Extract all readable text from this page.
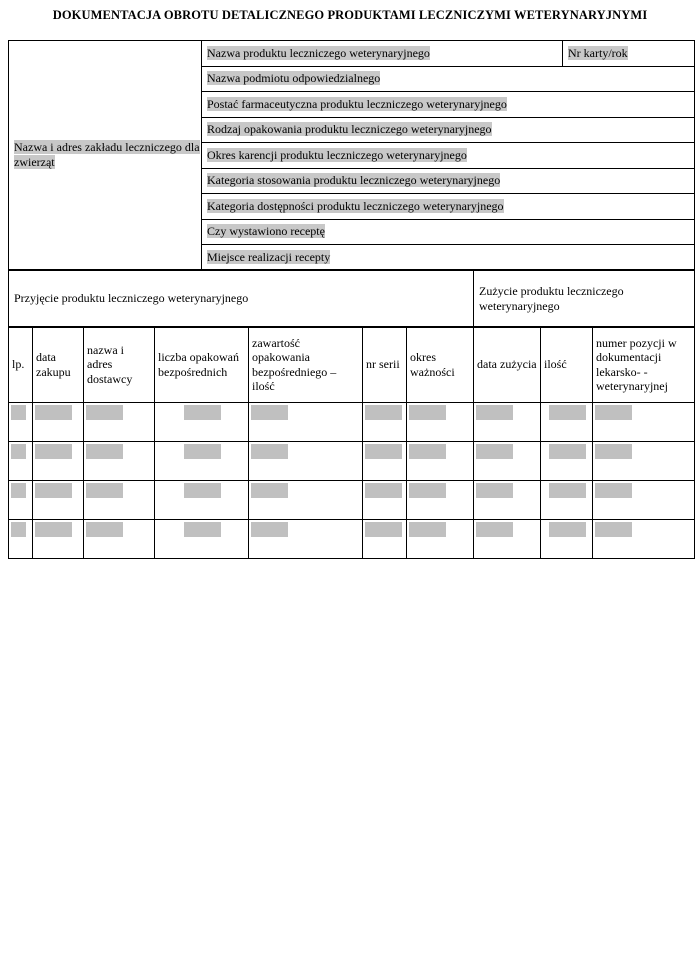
DOKUMENTACJA OBROTU DETALICZNEGO PRODUKTAMI LECZNICZYMI WETERYNARYJNYMI
Nazwa i adres zakładu leczniczego dla zwierząt	Nazwa produktu leczniczego weterynaryjnego	Nr karty/rok
Nazwa podmiotu odpowiedzialnego
Postać farmaceutyczna produktu leczniczego weterynaryjnego
Rodzaj opakowania produktu leczniczego weterynaryjnego
Okres karencji produktu leczniczego weterynaryjnego
Kategoria stosowania produktu leczniczego weterynaryjnego
Kategoria dostępności produktu leczniczego weterynaryjnego
Czy wystawiono receptę
Miejsce realizacji recepty
Przyjęcie produktu leczniczego weterynaryjnego	Zużycie produktu leczniczego weterynaryjnego
lp.	data zakupu	nazwa i adres dostawcy	liczba opakowań bezpośrednich	zawartość opakowania bezpośredniego – ilość	nr serii	okres ważności	data zużycia	ilość	numer pozycji w dokumentacji lekarsko- -weterynaryjnej
